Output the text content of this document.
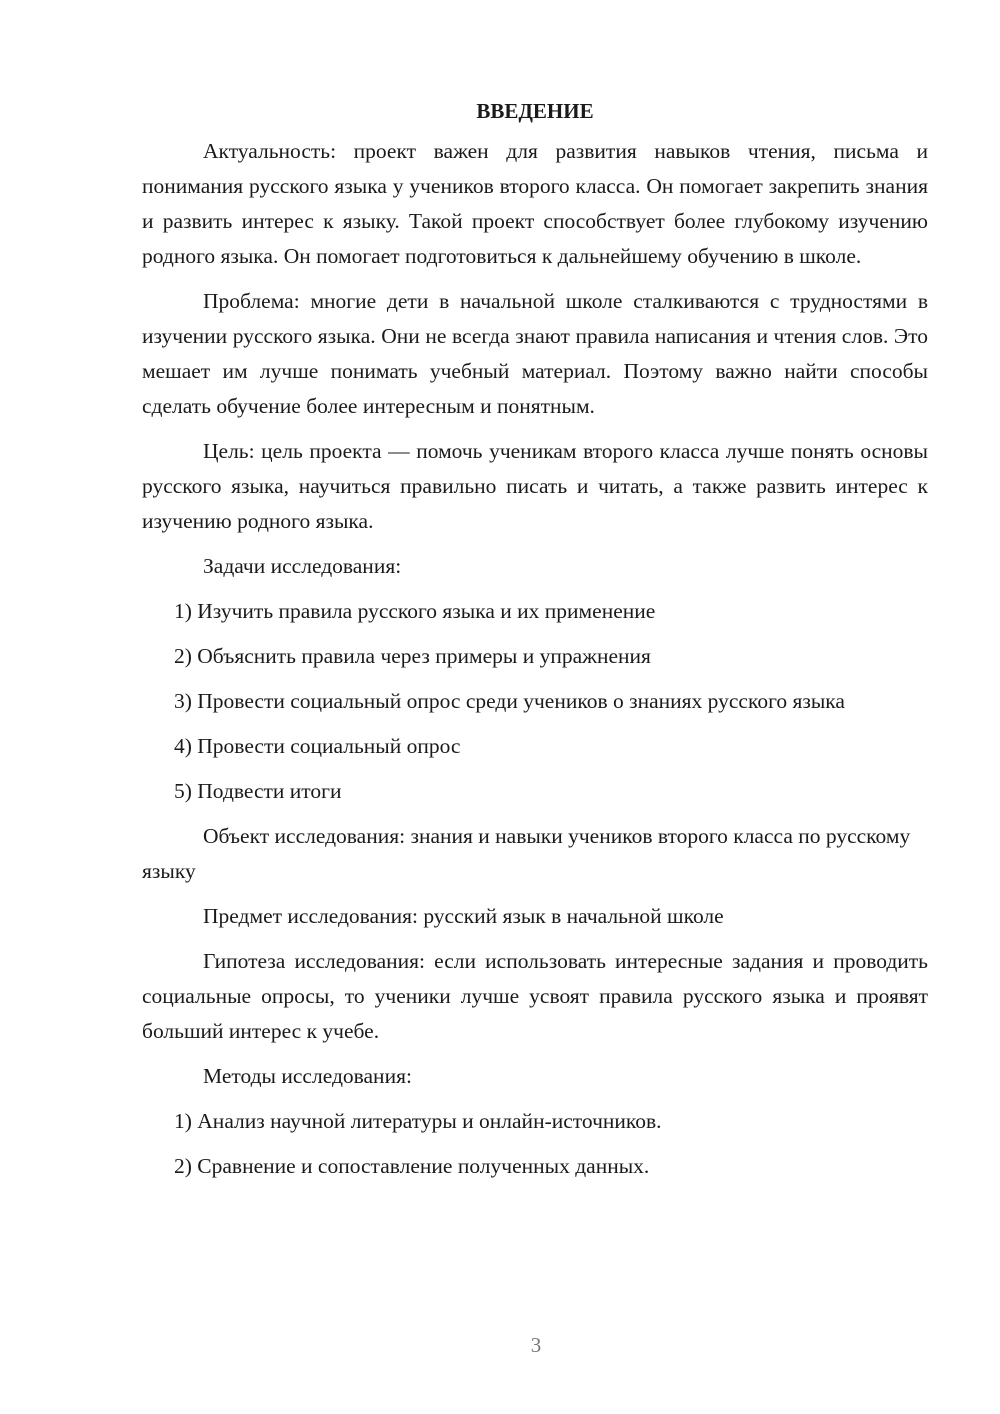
ВВЕДЕНИЕ

Актуальность: проект важен для развития навыков чтения, письма и понимания русского языка у учеников второго класса. Он помогает закрепить знания и развить интерес к языку. Такой проект способствует более глубокому изучению родного языка. Он помогает подготовиться к дальнейшему обучению в школе.

Проблема: многие дети в начальной школе сталкиваются с трудностями в изучении русского языка. Они не всегда знают правила написания и чтения слов. Это мешает им лучше понимать учебный материал. Поэтому важно найти способы сделать обучение более интересным и понятным.

Цель: цель проекта — помочь ученикам второго класса лучше понять основы русского языка, научиться правильно писать и читать, а также развить интерес к изучению родного языка.

Задачи исследования:

1) Изучить правила русского языка и их применение

2) Объяснить правила через примеры и упражнения

3) Провести социальный опрос среди учеников о знаниях русского языка

4) Провести социальный опрос

5) Подвести итоги

Объект исследования: знания и навыки учеников второго класса по русскому языку

Предмет исследования: русский язык в начальной школе

Гипотеза исследования: если использовать интересные задания и проводить социальные опросы, то ученики лучше усвоят правила русского языка и проявят больший интерес к учебе.

Методы исследования:

1) Анализ научной литературы и онлайн-источников.

2) Сравнение и сопоставление полученных данных.

3
